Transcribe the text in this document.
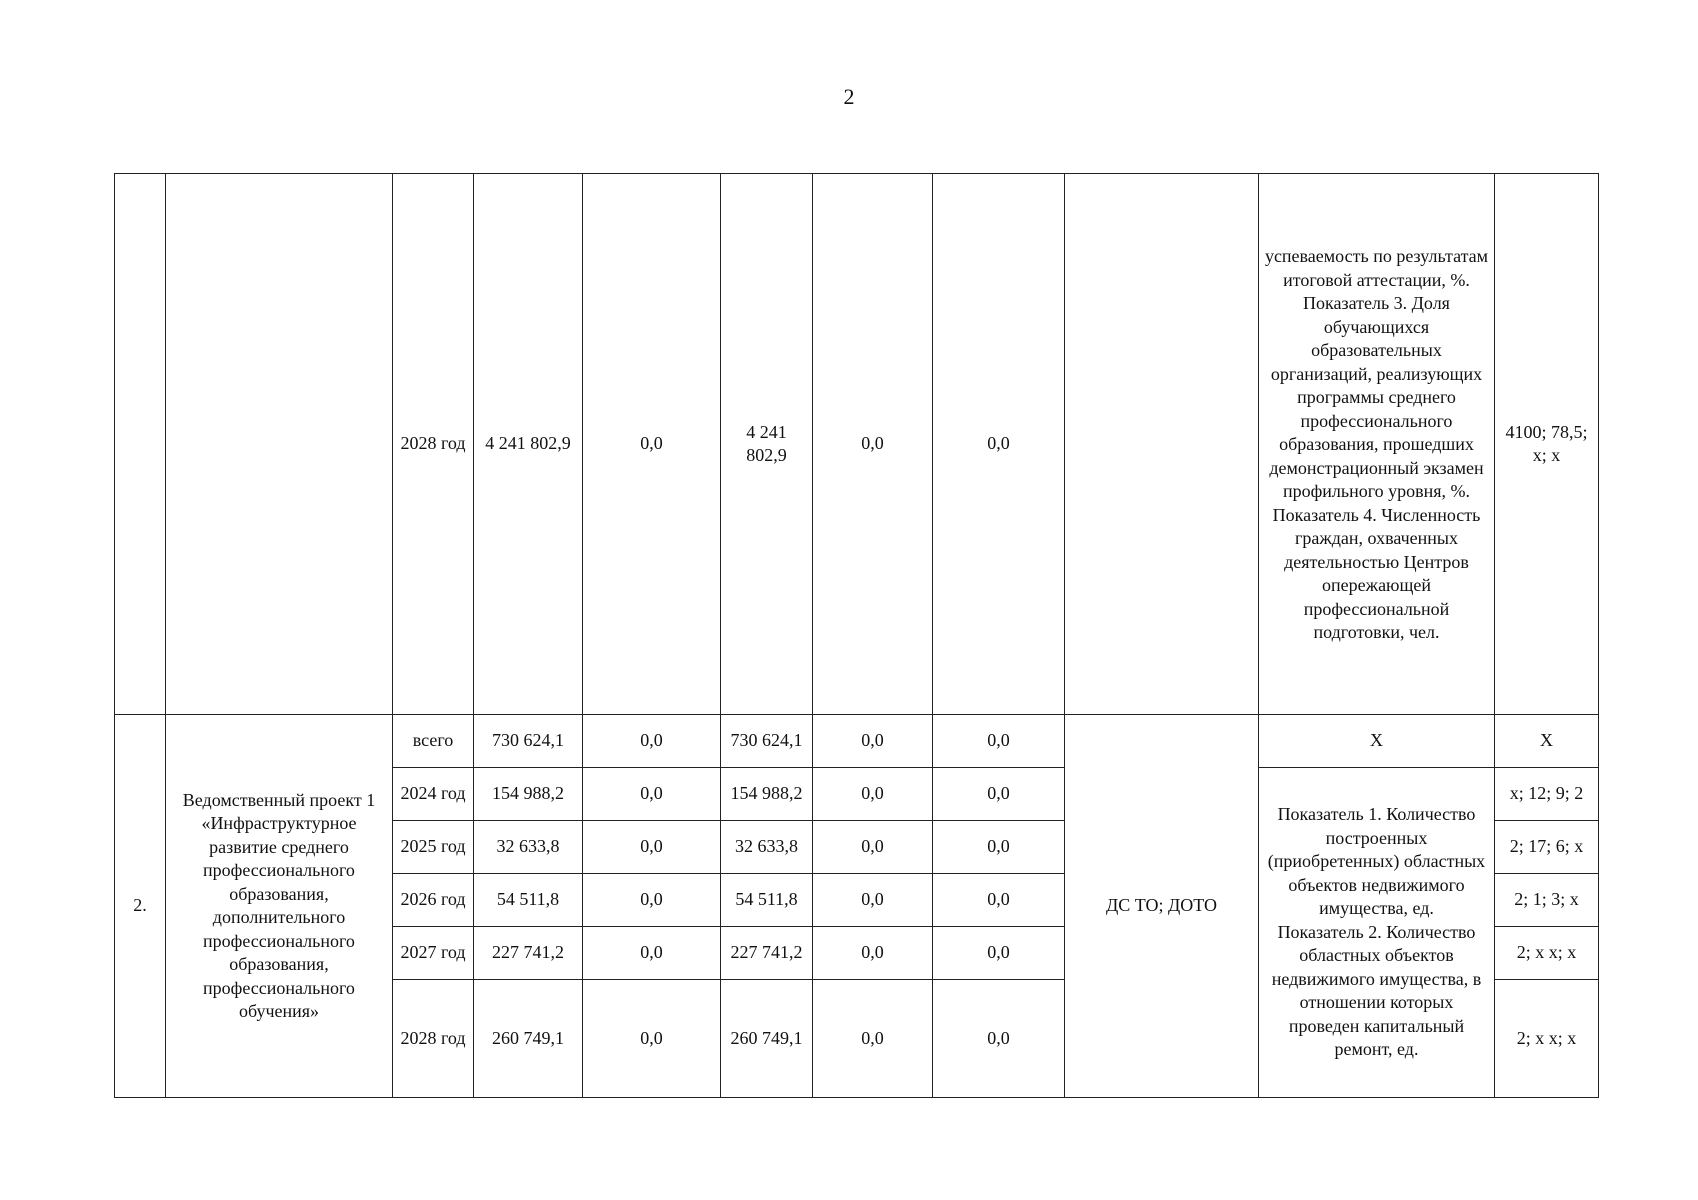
2
		2028 год	4 241 802,9	0,0	4 241 802,9	0,0	0,0		успеваемость по результатам итоговой аттестации, %.
Показатель 3. Доля обучающихся образовательных организаций, реализующих программы среднего профессионального образования, прошедших демонстрационный экзамен профильного уровня, %.
Показатель 4. Численность граждан, охваченных деятельностью Центров опережающей профессиональной подготовки, чел.	4100; 78,5; х; х
2.	Ведомственный проект 1 «Инфраструктурное развитие среднего профессионального образования, дополнительного профессионального образования, профессионального обучения»	всего	730 624,1	0,0	730 624,1	0,0	0,0	ДС ТО; ДОТО	Х	Х
		2024 год	154 988,2	0,0	154 988,2	0,0	0,0		Показатель 1. Количество построенных (приобретенных) областных объектов недвижимого имущества, ед.
Показатель 2. Количество областных объектов недвижимого имущества, в отношении которых проведен капитальный ремонт, ед.	х; 12; 9; 2
		2025 год	32 633,8	0,0	32 633,8	0,0	0,0			2; 17; 6; х
		2026 год	54 511,8	0,0	54 511,8	0,0	0,0			2; 1; 3; х
		2027 год	227 741,2	0,0	227 741,2	0,0	0,0			2; х х; х
		2028 год	260 749,1	0,0	260 749,1	0,0	0,0			2; х х; х
